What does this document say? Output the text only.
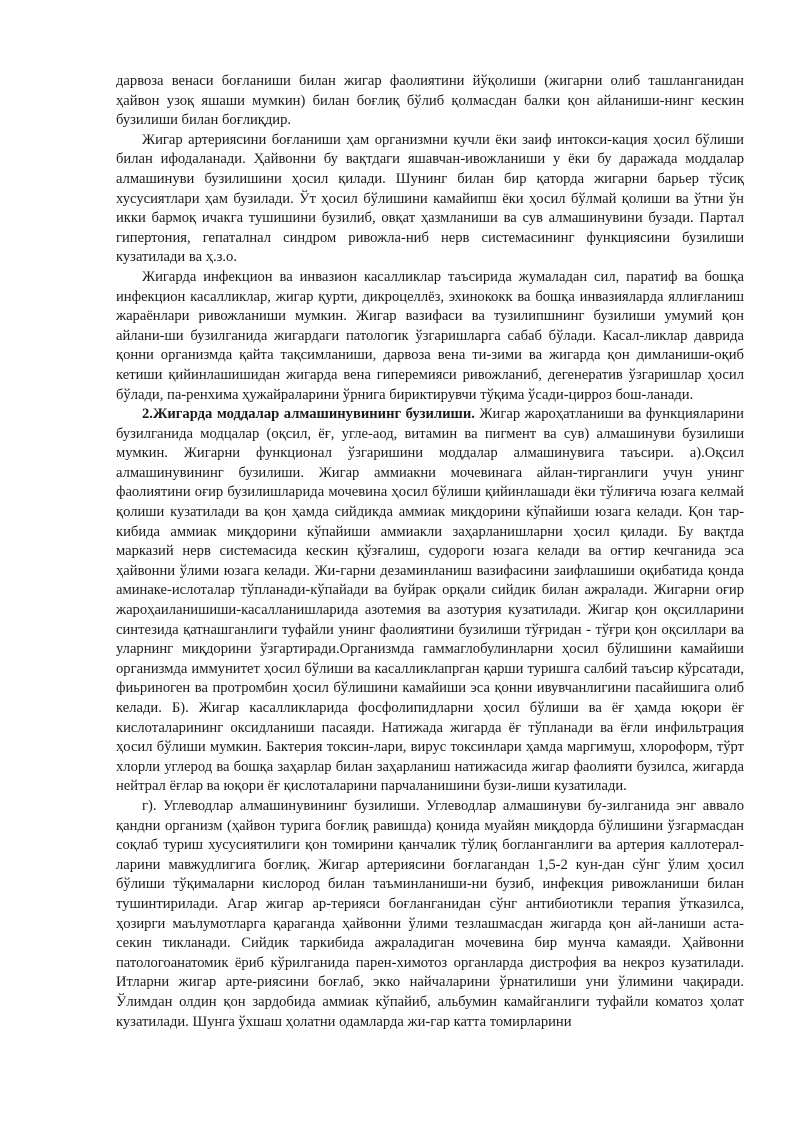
дарвоза венаси боғланиши билан жигар фаолиятини йўқолиши (жигарни олиб ташланганидан ҳайвон узоқ яшаши мумкин) билан боғлиқ бўлиб қолмасдан балки қон айланиши-нинг кескин бузилиши билан боғлиқдир.

Жигар артериясини боғланиши ҳам организмни кучли ёки заиф интокси-кация ҳосил бўлиши билан ифодаланади. Ҳайвонни бу вақтдаги яшавчан-ивожланиши у ёки бу даражада моддалар алмашинуви бузилишини ҳосил қилади. Шунинг билан бир қаторда жигарни барьер тўсиқ хусусиятлари ҳам бузилади. Ўт ҳосил бўлишини камайипш ёки ҳосил бўлмай қолиши ва ўтни ўн икки бармоқ ичакга тушишини бузилиб, овқат ҳазмланиши ва сув алмашинувини бузади. Партал гипертония, гепаталнал синдром ривожла-ниб нерв системасининг функциясини бузилиши кузатилади ва ҳ.з.о.

Жигарда инфекцион ва инвазион касалликлар таъсирида жумаладан сил, паратиф ва бошқа инфекцион касалликлар, жигар қурти, дикроцеллёз, эхинококк ва бошқа инвазияларда яллиғланиш жараёнлари ривожланиши мумкин. Жигар вазифаси ва тузилипшнинг бузилиши умумий қон айлани-ши бузилганида жигардаги патологик ўзгаришларга сабаб бўлади. Касал-ликлар даврида қонни организмда қайта тақсимланиши, дарвоза вена ти-зими ва жигарда қон димланиши-оқиб кетиши қийинлашишидан жигарда вена гиперемияси ривожланиб, дегенератив ўзгаришлар ҳосил бўлади, па-ренхима ҳужайраларини ўрнига бириктирувчи тўқима ўсади-цирроз бош-ланади.

2.Жигарда моддалар алмашинувининг бузилиши. Жигар жароҳатланиши ва функцияларини бузилганида модцалар (оқсил, ёғ, угле-аод, витамин ва пигмент ва сув) алмашинуви бузилиши мумкин. Жигарни функционал ўзгаришини моддалар алмашинувига таъсири. а).Оқсил алмашинувининг бузилиши. Жигар аммиакни мочевинага айлан-тирганлиги учун унинг фаолиятини оғир бузилишларида мочевина ҳосил бўлиши қийинлашади ёки тўлиғича юзага келмай қолиши кузатилади ва қон ҳамда сийдикда аммиак миқдорини кўпайиши юзага келади. Қон тар-кибида аммиак миқдорини кўпайиши аммиакли заҳарланишларни ҳосил қилади. Бу вақтда марказий нерв системасида кескин қўзғалиш, судороги юзага келади ва оғтир кечганида эса ҳайвонни ўлими юзага келади. Жи-гарни дезаминланиш вазифасини заифлашиши оқибатида қонда аминаке-ислоталар тўпланади-кўпайади ва буйрак орқали сийдик билан ажралади. Жигарни оғир жароҳаиланишиши-касалланишларида азотемия ва азотурия кузатилади. Жигар қон оқсилларини синтезида қатнашганлиги туфайли унинг фаолиятини бузилиши тўғридан - тўғри қон оқсиллари ва уларнинг миқдорини ўзгартиради.Организмда гаммаглобулинларни ҳосил бўлишини камайиши организмда иммунитет ҳосил бўлиши ва касалликлапрган қарши туришга салбий таъсир кўрсатади, фиьриноген ва протромбин ҳосил бўлишини камайиши эса қонни ивувчанлигини пасайишига олиб келади. Б). Жигар касалликларида фосфолипидларни ҳосил бўлиши ва ёғ ҳамда юқори ёғ кислоталарининг оксидланиши пасаяди. Натижада жигарда ёғ тўпланади ва ёғли инфильтрация ҳосил бўлиши мумкин. Бактерия токсин-лари, вирус токсинлари ҳамда маргимуш, хлороформ, тўрт хлорли углерод ва бошқа заҳарлар билан заҳарланиш натижасида жигар фаолияти бузилса, жигарда нейтрал ёғлар ва юқори ёғ қислоталарини парчаланишини бузи-лиши кузатилади.

г). Углеводлар алмашинувининг бузилиши. Углеводлар алмашинуви бу-зилганида энг аввало қандни организм (ҳайвон турига боғлиқ равишда) қонида муайян миқдорда бўлишини ўзгармасдан соқлаб туриш хусусиятилиги қон томирини қанчалик тўлиқ богланганлиги ва артерия каллотерал-ларини мавжудлигига боғлиқ. Жигар артериясини боғлагандан 1,5-2 кун-дан сўнг ўлим ҳосил бўлиши тўқималарни кислород билан таъминланиши-ни бузиб, инфекция ривожланиши билан тушинтирилади. Агар жигар ар-терияси боғланганидан сўнг антибиотикли терапия ўтказилса, ҳозирги маълумотларга қараганда ҳайвонни ўлими тезлашмасдан жигарда қон ай-ланиши аста-секин тикланади. Сийдик таркибида ажраладиган мочевина бир мунча камаяди. Ҳайвонни патологоанатомик ёриб кўрилганида парен-химотоз органларда дистрофия ва некроз кузатилади. Итларни жигар арте-риясини боғлаб, экко найчаларини ўрнатилиши уни ўлимини чақиради. Ўлимдан олдин қон зардобида аммиак кўпайиб, альбумин камайганлиги туфайли коматоз ҳолат кузатилади. Шунга ўхшаш ҳолатни одамларда жи-гар катта томирларини
